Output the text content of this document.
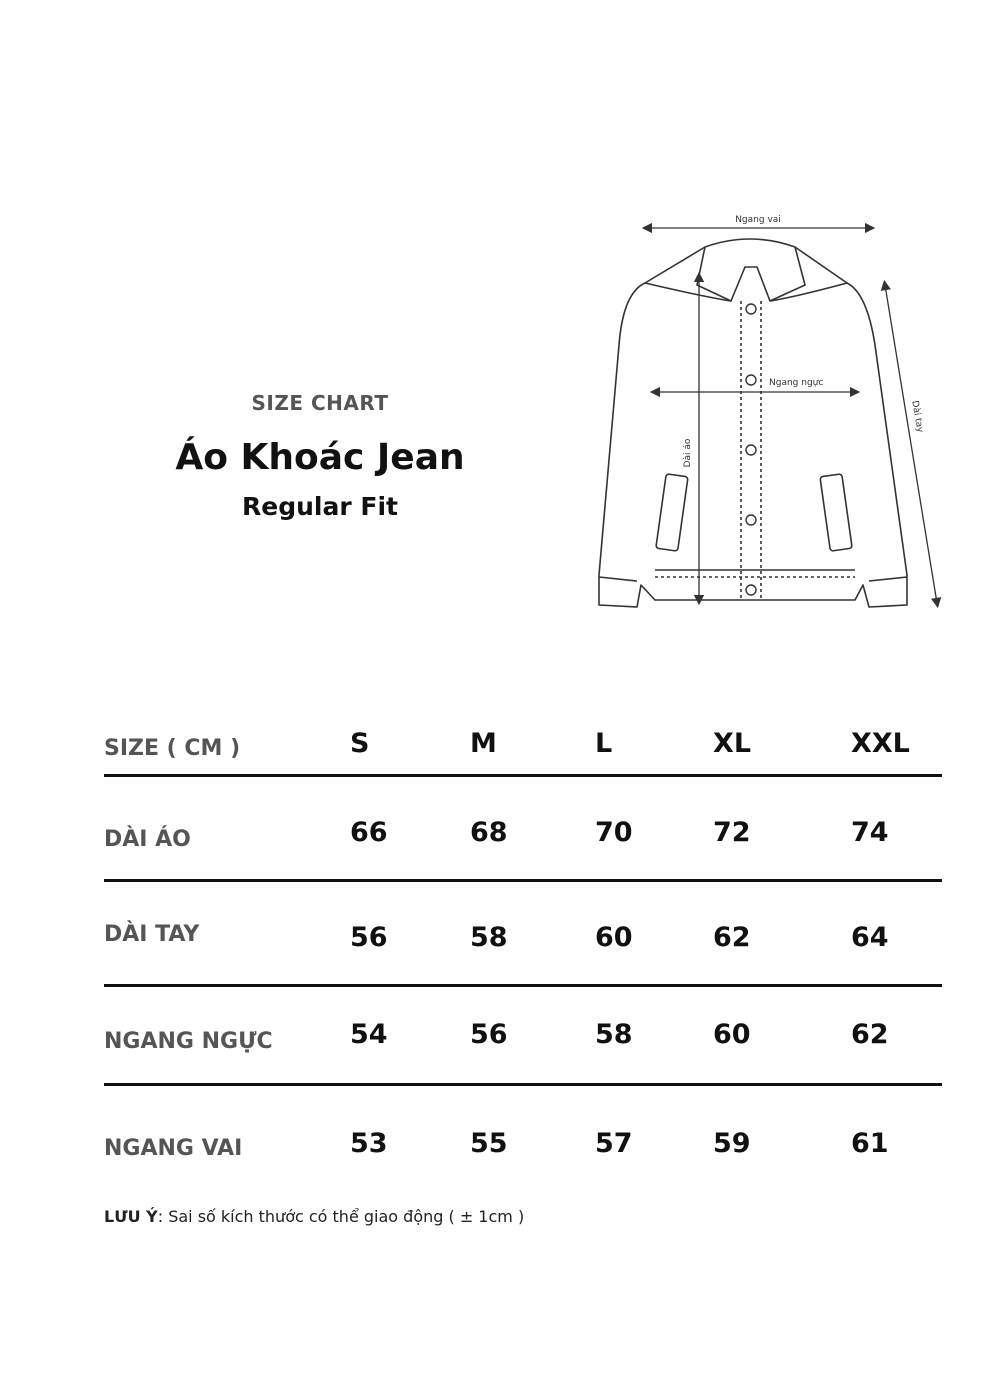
SIZE CHART
Áo Khoác Jean
Regular Fit
Ngang vai
Ngang ngực
Dài áo
Dài tay
SIZE ( CM )	S	M	L	XL	XXL
DÀI ÁO	66	68	70	72	74
DÀI TAY	56	58	60	62	64
NGANG NGỰC	54	56	58	60	62
NGANG VAI	53	55	57	59	61
LƯU Ý: Sai số kích thước có thể giao động ( ± 1cm )
